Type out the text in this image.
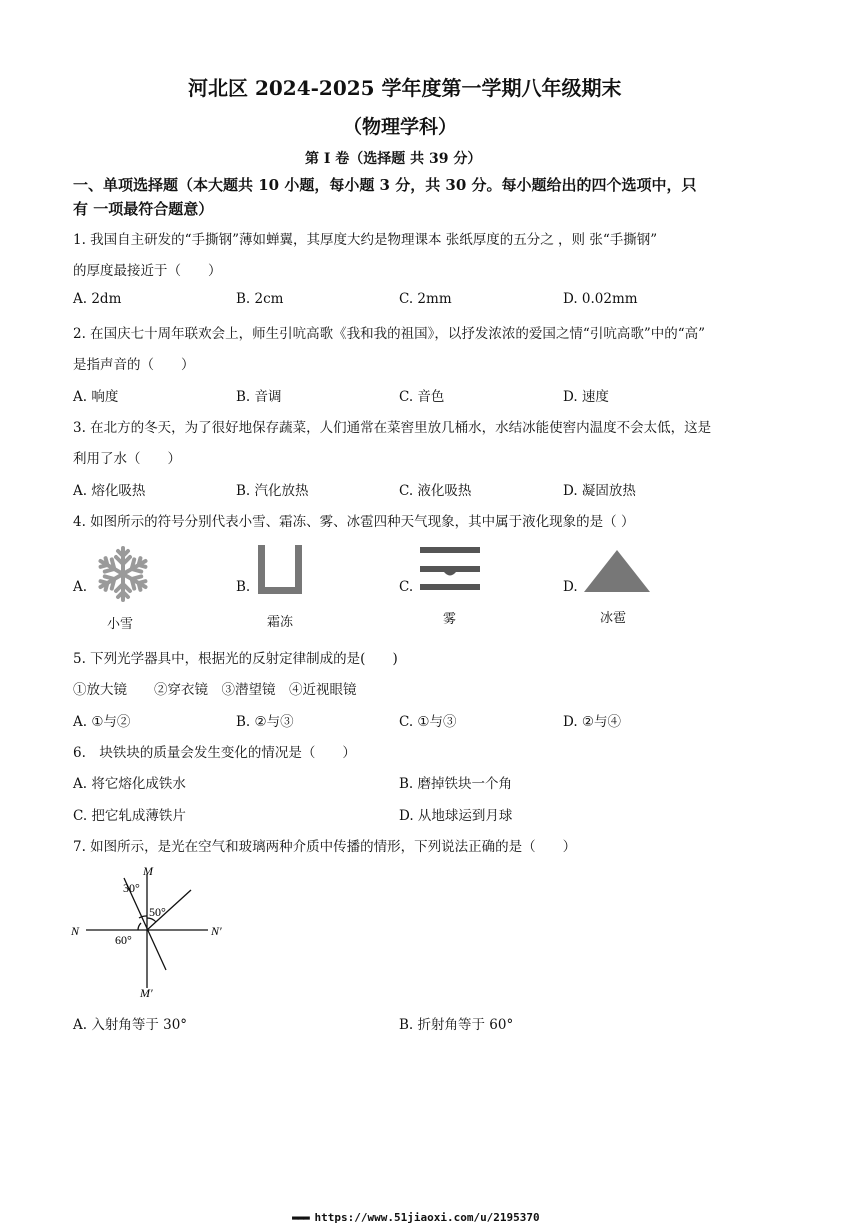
河北区 2024-2025 学年度第一学期八年级期末
（物理学科）
第 I 卷（选择题 共 39 分）
一、单项选择题（本大题共 10 小题，每小题 3 分，共 30 分。每小题给出的四个选项中，只
有 一项最符合题意）
1. 我国自主研发的“手撕钢”薄如蝉翼，其厚度大约是物理课本 张纸厚度的五分之 ，则 张“手撕钢”
的厚度最接近于（　　）
A. 2dm	B. 2cm	C. 2mm	D. 0.02mm
2. 在国庆七十周年联欢会上，师生引吭高歌《我和我的祖国》，以抒发浓浓的爱国之情“引吭高歌”中的“高”
是指声音的（　　）
A. 响度	B. 音调	C. 音色	D. 速度
3. 在北方的冬天，为了很好地保存蔬菜，人们通常在菜窖里放几桶水，水结冰能使窖内温度不会太低，这是
利用了水（　　）
A. 熔化吸热	B. 汽化放热	C. 液化吸热	D. 凝固放热
4. 如图所示的符号分别代表小雪、霜冻、雾、冰雹四种天气现象，其中属于液化现象的是（ ）
A.
小雪
B.
霜冻
C.
雾
D.
冰雹
5. 下列光学器具中，根据光的反射定律制成的是(　　)
①放大镜　　②穿衣镜　③潜望镜　④近视眼镜
A. ①与②	B. ②与③	C. ①与③	D. ②与④
6.　块铁块的质量会发生变化的情况是（　　）
A. 将它熔化成铁水	B. 磨掉铁块一个角
C. 把它轧成薄铁片	D. 从地球运到月球
7. 如图所示，是光在空气和玻璃两种介质中传播的情形，下列说法正确的是（　　）
M
30°
50°
N	N′
60°
M′
A. 入射角等于 30°	B. 折射角等于 60°
▬▬▬ https://www.51jiaoxi.com/u/2195370
